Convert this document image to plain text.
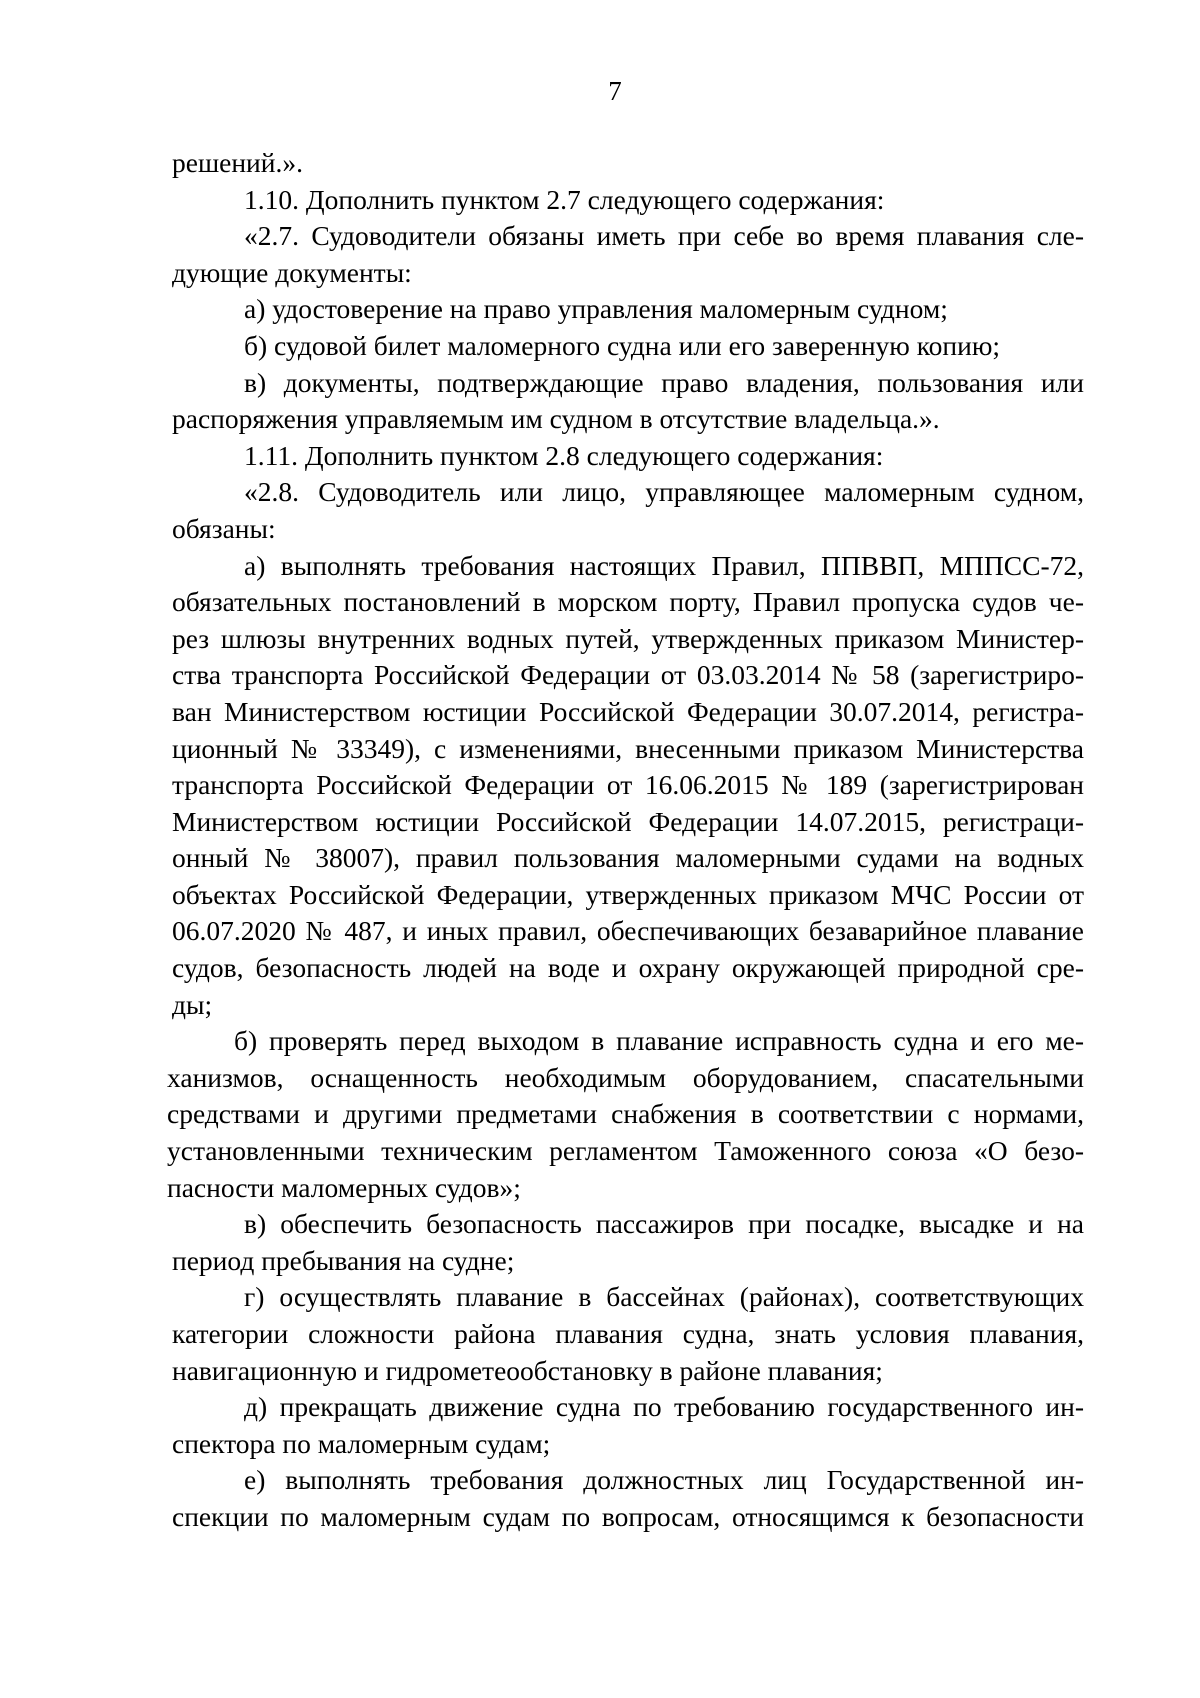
7
решений.».
1.10. Дополнить пунктом 2.7 следующего содержания:
«2.7. Судоводители обязаны иметь при себе во время плавания сле-
дующие документы:
а) удостоверение на право управления маломерным судном;
б) судовой билет маломерного судна или его заверенную копию;
в) документы, подтверждающие право владения, пользования или
распоряжения управляемым им судном в отсутствие владельца.».
1.11. Дополнить пунктом 2.8 следующего содержания:
«2.8. Судоводитель или лицо, управляющее маломерным судном,
обязаны:
а) выполнять требования настоящих Правил, ППВВП, МППСС-72,
обязательных постановлений в морском порту, Правил пропуска судов че-
рез шлюзы внутренних водных путей, утвержденных приказом Министер-
ства транспорта Российской Федерации от 03.03.2014 № 58 (зарегистриро-
ван Министерством юстиции Российской Федерации 30.07.2014, регистра-
ционный № 33349), с изменениями, внесенными приказом Министерства
транспорта Российской Федерации от 16.06.2015 № 189 (зарегистрирован
Министерством юстиции Российской Федерации 14.07.2015, регистраци-
онный № 38007), правил пользования маломерными судами на водных
объектах Российской Федерации, утвержденных приказом МЧС России от
06.07.2020 № 487, и иных правил, обеспечивающих безаварийное плавание
судов, безопасность людей на воде и охрану окружающей природной сре-
ды;
б) проверять перед выходом в плавание исправность судна и его ме-
ханизмов, оснащенность необходимым оборудованием, спасательными
средствами и другими предметами снабжения в соответствии с нормами,
установленными техническим регламентом Таможенного союза «О безо-
пасности маломерных судов»;
в) обеспечить безопасность пассажиров при посадке, высадке и на
период пребывания на судне;
г) осуществлять плавание в бассейнах (районах), соответствующих
категории сложности района плавания судна, знать условия плавания,
навигационную и гидрометеообстановку в районе плавания;
д) прекращать движение судна по требованию государственного ин-
спектора по маломерным судам;
е) выполнять требования должностных лиц Государственной ин-
спекции по маломерным судам по вопросам, относящимся к безопасности
